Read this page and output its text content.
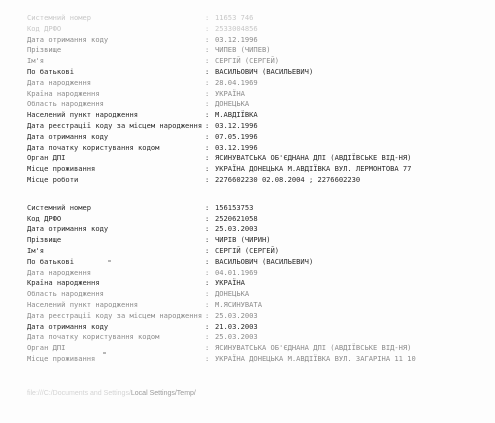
Системний номер	: 11653 746
Код ДРФО	: 2533004856
Дата отримання коду	: 03.12.1996
Прізвище	: ЧИПЕВ (ЧИПЕВ)
Ім'я	: СЕРГІЙ (СЕРГЕЙ)
По батькові	: ВАСИЛЬОВИЧ (ВАСИЛЬЕВИЧ)
Дата народження	: 28.04.1969
Країна народження	: УКРАЇНА
Область народження	: ДОНЕЦЬКА
Населений пункт народження	: М.АВДІЇВКА
Дата реєстрації коду за місцем народження : 03.12.1996
Дата отримання коду	: 07.05.1996
Дата початку користування кодом	: 03.12.1996
Орган ДПІ	: ЯСИНУВАТСЬКА ОБ'ЄДНАНА ДПІ (АВДІЇВСЬКЕ ВІД-НЯ)
Місце проживання	: УКРАЇНА ДОНЕЦЬКА М.АВДІЇВКА ВУЛ. ЛЕРМОНТОВА 77
Місце роботи	: 2276602230 02.08.2004 ; 2276602230
Системний номер	: 156153753
Код ДРФО	: 2520621058
Дата отримання коду	: 25.03.2003
Прізвище	: ЧИРІВ (ЧИРИН)
Ім'я	: СЕРГІЙ (СЕРГЕЙ)
По батькові	: ВАСИЛЬОВИЧ (ВАСИЛЬЕВИЧ)
Дата народження	: 04.01.1969
Країна народження	: УКРАЇНА
Область народження	: ДОНЕЦЬКА
Населений пункт народження	: М.ЯСИНУВАТА
Дата реєстрації коду за місцем народження : 25.03.2003
Дата отримання коду	: 21.03.2003
Дата початку користування кодом	: 25.03.2003
Орган ДПІ	: ЯСИНУВАТСЬКА ОБ'ЄДНАНА ДПІ (АВДІЇВСЬКЕ ВІД-НЯ)
Місце проживання	: УКРАЇНА ДОНЕЦЬКА М.АВДІЇВКА ВУЛ. ЗАГАРІНА 11 10
file:///C:/Documents and Settings/Local Settings/Temp/
